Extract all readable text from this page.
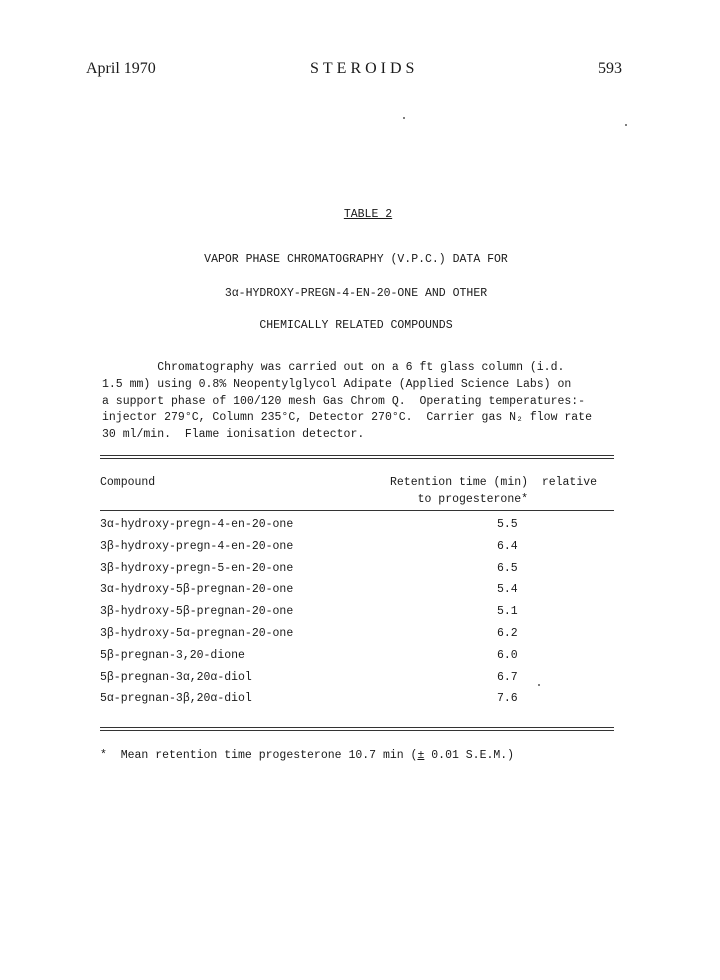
April 1970	STEROIDS	593
TABLE 2
VAPOR PHASE CHROMATOGRAPHY (V.P.C.) DATA FOR
3α-HYDROXY-PREGN-4-EN-20-ONE AND OTHER
CHEMICALLY RELATED COMPOUNDS
Chromatography was carried out on a 6 ft glass column (i.d.
1.5 mm) using 0.8% Neopentylglycol Adipate (Applied Science Labs) on
a support phase of 100/120 mesh Gas Chrom Q.  Operating temperatures:-
injector 279°C, Column 235°C, Detector 270°C.  Carrier gas N₂ flow rate
30 ml/min.  Flame ionisation detector.
Compound	Retention time (min)  relative
to progesterone*
3α-hydroxy-pregn-4-en-20-one	5.5
3β-hydroxy-pregn-4-en-20-one	6.4
3β-hydroxy-pregn-5-en-20-one	6.5
3α-hydroxy-5β-pregnan-20-one	5.4
3β-hydroxy-5β-pregnan-20-one	5.1
3β-hydroxy-5α-pregnan-20-one	6.2
5β-pregnan-3,20-dione	6.0
5β-pregnan-3α,20α-diol	6.7
5α-pregnan-3β,20α-diol	7.6
*  Mean retention time progesterone 10.7 min (± 0.01 S.E.M.)
